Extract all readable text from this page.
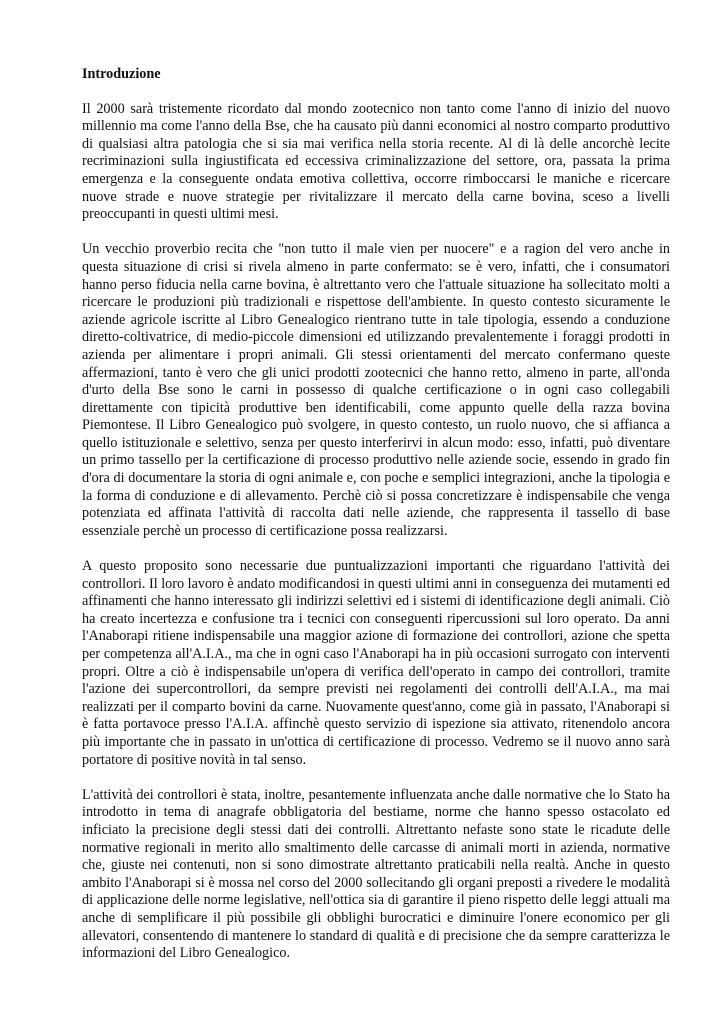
Introduzione

Il 2000 sarà tristemente ricordato dal mondo zootecnico non tanto come l'anno di inizio del nuovo millennio ma come l'anno della Bse, che ha causato più danni economici al nostro comparto produttivo di qualsiasi altra patologia che si sia mai verifica nella storia recente. Al di là delle ancorchè lecite recriminazioni sulla ingiustificata ed eccessiva criminalizzazione del settore, ora, passata la prima emergenza e la conseguente ondata emotiva collettiva, occorre rimboccarsi le maniche e ricercare nuove strade e nuove strategie per rivitalizzare il mercato della carne bovina, sceso a livelli preoccupanti in questi ultimi mesi.

Un vecchio proverbio recita che "non tutto il male vien per nuocere" e a ragion del vero anche in questa situazione di crisi si rivela almeno in parte confermato: se è vero, infatti, che i consumatori hanno perso fiducia nella carne bovina, è altrettanto vero che l'attuale situazione ha sollecitato molti a ricercare le produzioni più tradizionali e rispettose dell'ambiente. In questo contesto sicuramente le aziende agricole iscritte al Libro Genealogico rientrano tutte in tale tipologia, essendo a conduzione diretto-coltivatrice, di medio-piccole dimensioni ed utilizzando prevalentemente i foraggi prodotti in azienda per alimentare i propri animali. Gli stessi orientamenti del mercato confermano queste affermazioni, tanto è vero che gli unici prodotti zootecnici che hanno retto, almeno in parte, all'onda d'urto della Bse sono le carni in possesso di qualche certificazione o in ogni caso collegabili direttamente con tipicità produttive ben identificabili, come appunto quelle della razza bovina Piemontese. Il Libro Genealogico può svolgere, in questo contesto, un ruolo nuovo, che si affianca a quello istituzionale e selettivo, senza per questo interferirvi in alcun modo: esso, infatti, può diventare un primo tassello per la certificazione di processo produttivo nelle aziende socie, essendo in grado fin d'ora di documentare la storia di ogni animale e, con poche e semplici integrazioni, anche la tipologia e la forma di conduzione e di allevamento. Perchè ciò si possa concretizzare è indispensabile che venga potenziata ed affinata l'attività di raccolta dati nelle aziende, che rappresenta il tassello di base essenziale perchè un processo di certificazione possa realizzarsi.

A questo proposito sono necessarie due puntualizzazioni importanti che riguardano l'attività dei controllori. Il loro lavoro è andato modificandosi in questi ultimi anni in conseguenza dei mutamenti ed affinamenti che hanno interessato gli indirizzi selettivi ed i sistemi di identificazione degli animali. Ciò ha creato incertezza e confusione tra i tecnici con conseguenti ripercussioni sul loro operato. Da anni l'Anaborapi ritiene indispensabile una maggior azione di formazione dei controllori, azione che spetta per competenza all'A.I.A., ma che in ogni caso l'Anaborapi ha in più occasioni surrogato con interventi propri. Oltre a ciò è indispensabile un'opera di verifica dell'operato in campo dei controllori, tramite l'azione dei supercontrollori, da sempre previsti nei regolamenti dei controlli dell'A.I.A., ma mai realizzati per il comparto bovini da carne. Nuovamente quest'anno, come già in passato, l'Anaborapi si è fatta portavoce presso l'A.I.A. affinchè questo servizio di ispezione sia attivato, ritenendolo ancora più importante che in passato in un'ottica di certificazione di processo. Vedremo se il nuovo anno sarà portatore di positive novità in tal senso.

L'attività dei controllori è stata, inoltre, pesantemente influenzata anche dalle normative che lo Stato ha introdotto in tema di anagrafe obbligatoria del bestiame, norme che hanno spesso ostacolato ed inficiato la precisione degli stessi dati dei controlli. Altrettanto nefaste sono state le ricadute delle normative regionali in merito allo smaltimento delle carcasse di animali morti in azienda, normative che, giuste nei contenuti, non si sono dimostrate altrettanto praticabili nella realtà. Anche in questo ambito l'Anaborapi si è mossa nel corso del 2000 sollecitando gli organi preposti a rivedere le modalità di applicazione delle norme legislative, nell'ottica sia di garantire il pieno rispetto delle leggi attuali ma anche di semplificare il più possibile gli obblighi burocratici e diminuire l'onere economico per gli allevatori, consentendo di mantenere lo standard di qualità e di precisione che da sempre caratterizza le informazioni del Libro Genealogico.
